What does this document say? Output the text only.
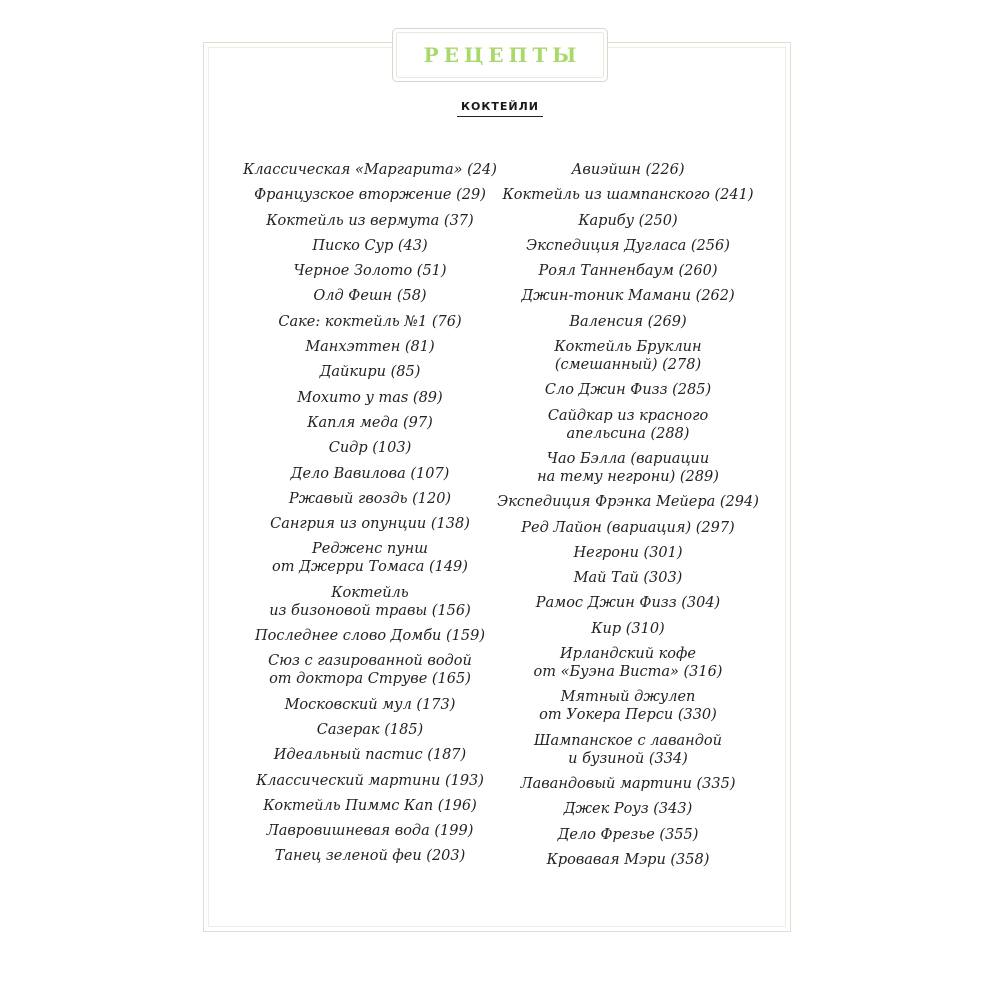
РЕЦЕПТЫ
КОКТЕЙЛИ
Классическая «Маргарита» (24)
Французское вторжение (29)
Коктейль из вермута (37)
Писко Сур (43)
Черное Золото (51)
Олд Фешн (58)
Саке: коктейль №1 (76)
Манхэттен (81)
Дайкири (85)
Мохито у mas (89)
Капля меда (97)
Сидр (103)
Дело Вавилова (107)
Ржавый гвоздь (120)
Сангрия из опунции (138)
Редженс пунш
от Джерри Томаса (149)
Коктейль
из бизоновой травы (156)
Последнее слово Домби (159)
Сюз с газированной водой
от доктора Струве (165)
Московский мул (173)
Сазерак (185)
Идеальный пастис (187)
Классический мартини (193)
Коктейль Пиммс Кап (196)
Лавровишневая вода (199)
Танец зеленой феи (203)
Авиэйшн (226)
Коктейль из шампанского (241)
Карибу (250)
Экспедиция Дугласа (256)
Роял Танненбаум (260)
Джин-тоник Мамани (262)
Валенсия (269)
Коктейль Бруклин
(смешанный) (278)
Сло Джин Физз (285)
Сайдкар из красного
апельсина (288)
Чао Бэлла (вариации
на тему негрони) (289)
Экспедиция Фрэнка Мейера (294)
Ред Лайон (вариация) (297)
Негрони (301)
Май Тай (303)
Рамос Джин Физз (304)
Кир (310)
Ирландский кофе
от «Буэна Виста» (316)
Мятный джулеп
от Уокера Перси (330)
Шампанское с лавандой
и бузиной (334)
Лавандовый мартини (335)
Джек Роуз (343)
Дело Фрезье (355)
Кровавая Мэри (358)
